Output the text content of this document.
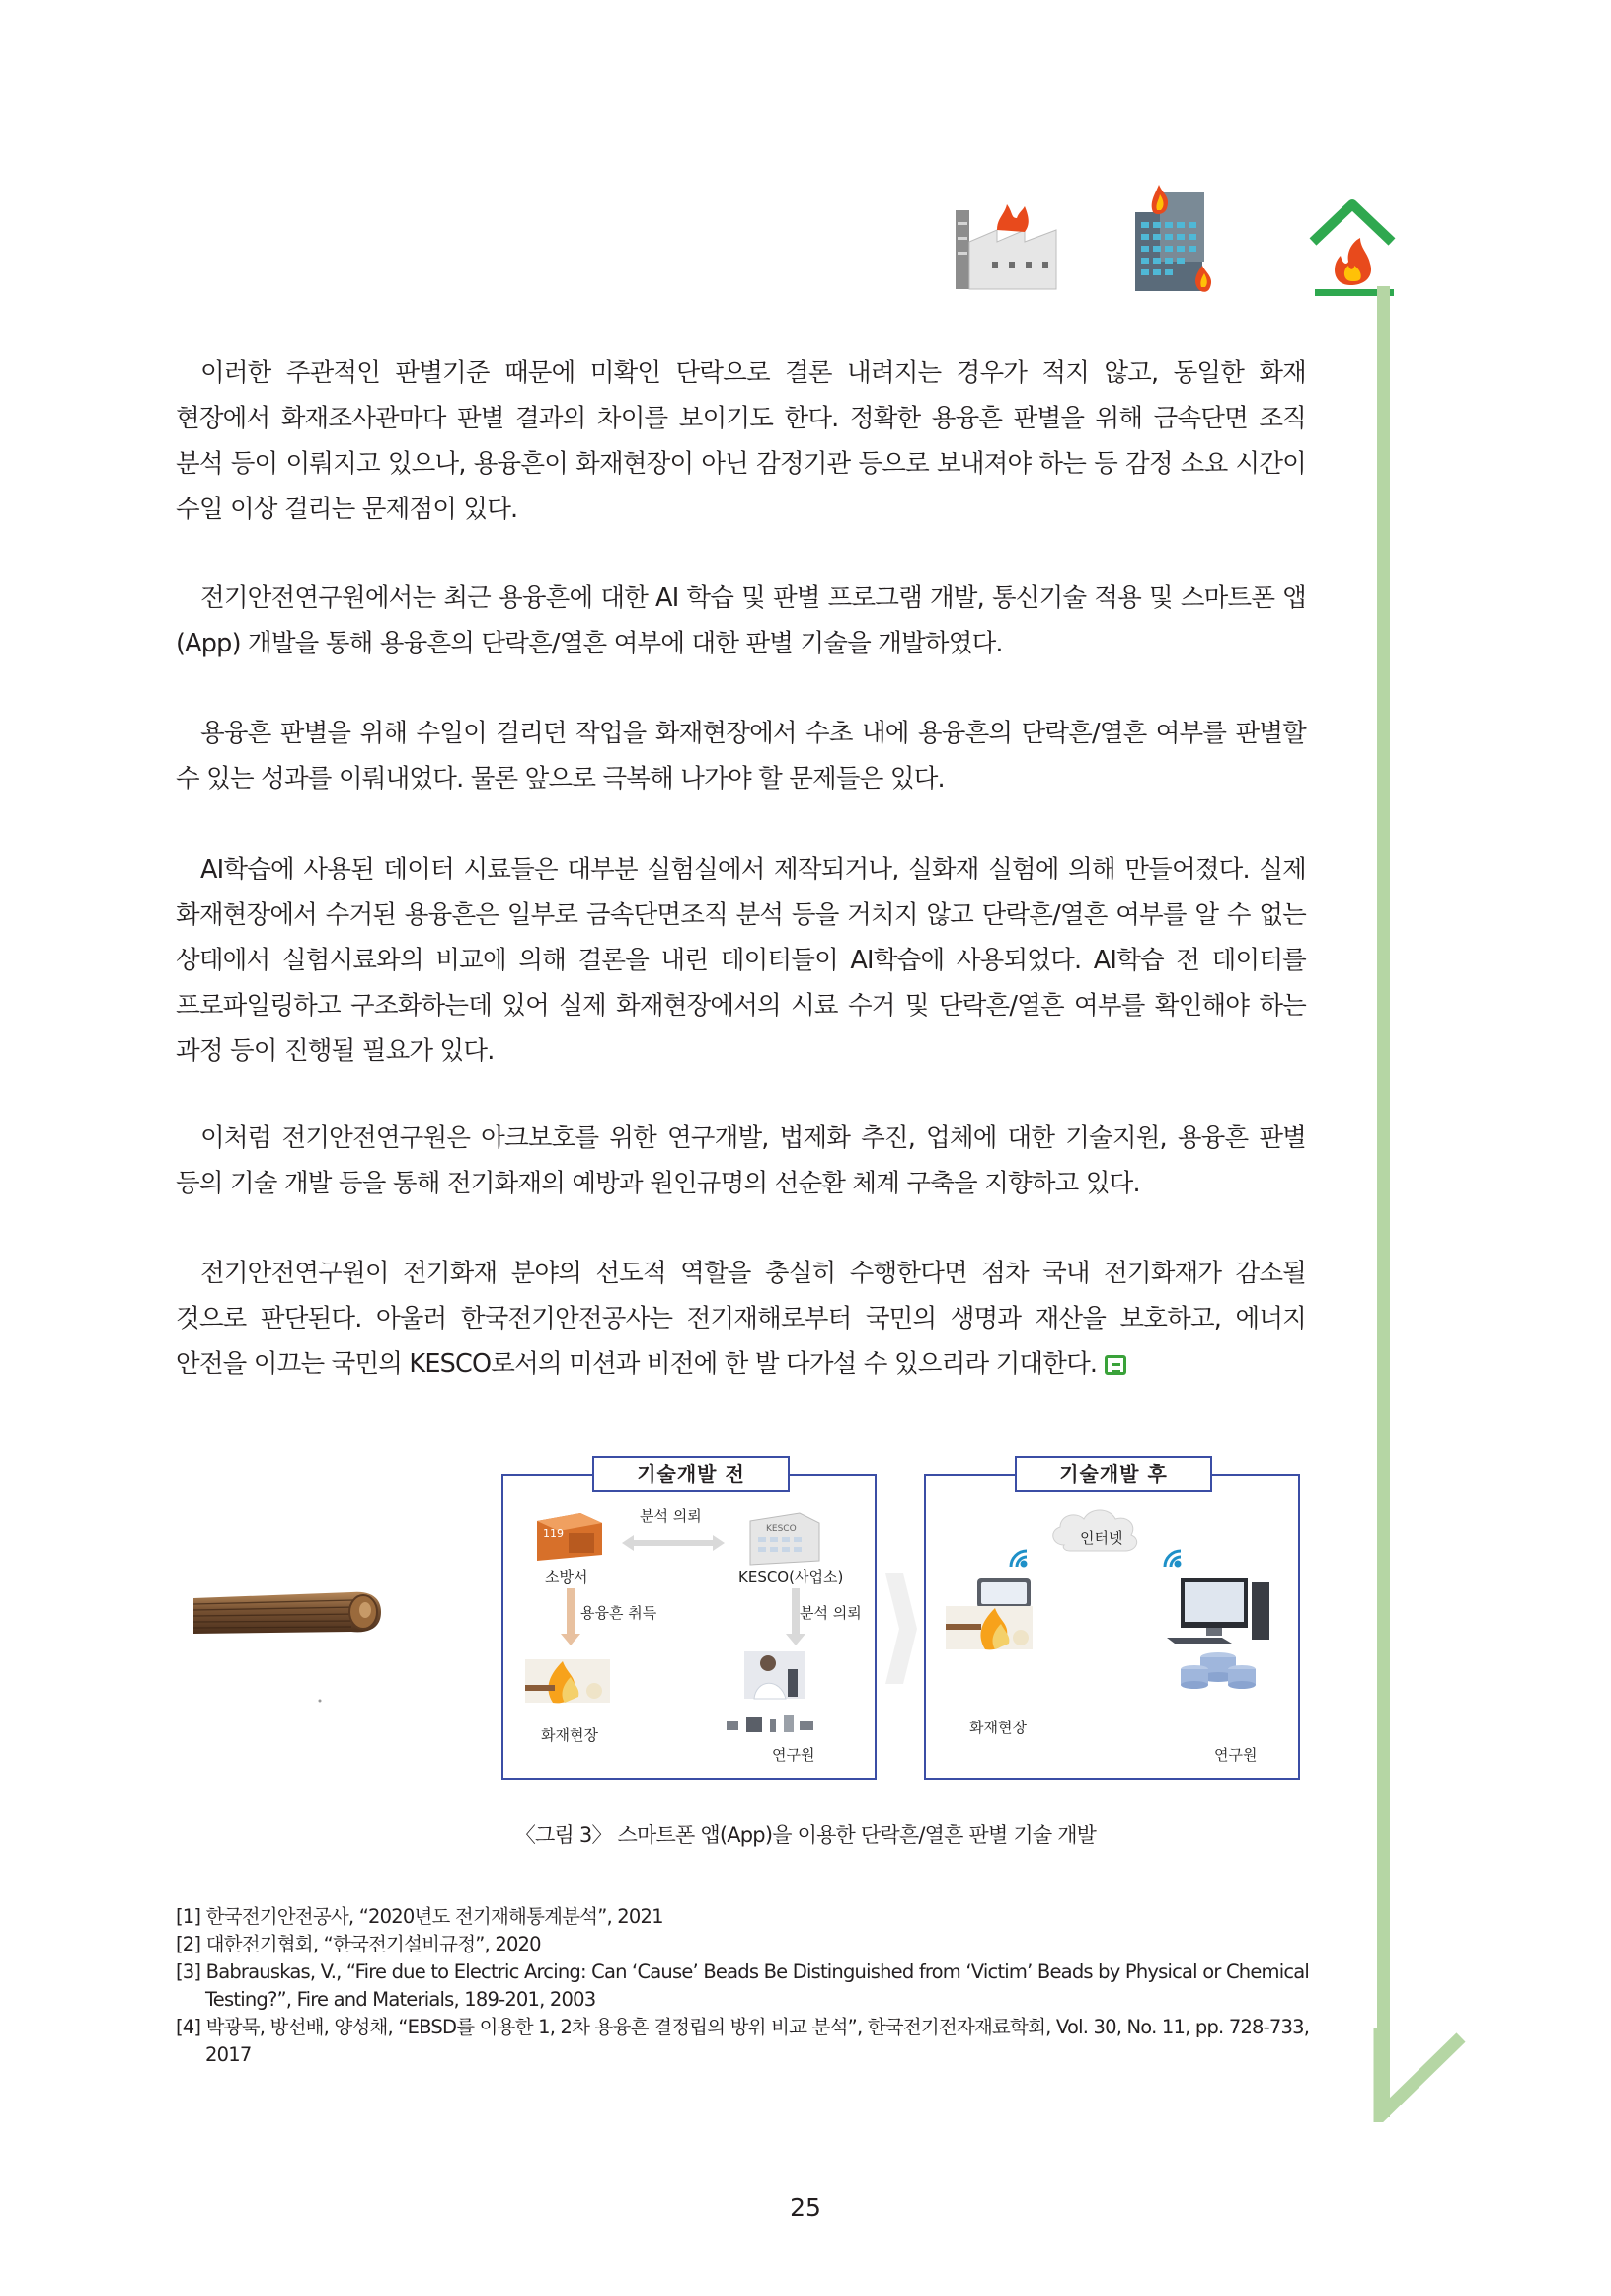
이러한 주관적인 판별기준 때문에 미확인 단락으로 결론 내려지는 경우가 적지 않고, 동일한 화재 현장에서 화재조사관마다 판별 결과의 차이를 보이기도 한다. 정확한 용융흔 판별을 위해 금속단면 조직 분석 등이 이뤄지고 있으나, 용융흔이 화재현장이 아닌 감정기관 등으로 보내져야 하는 등 감정 소요 시간이 수일 이상 걸리는 문제점이 있다.

전기안전연구원에서는 최근 용융흔에 대한 AI 학습 및 판별 프로그램 개발, 통신기술 적용 및 스마트폰 앱(App) 개발을 통해 용융흔의 단락흔/열흔 여부에 대한 판별 기술을 개발하였다.

용융흔 판별을 위해 수일이 걸리던 작업을 화재현장에서 수초 내에 용융흔의 단락흔/열흔 여부를 판별할 수 있는 성과를 이뤄내었다. 물론 앞으로 극복해 나가야 할 문제들은 있다.

AI학습에 사용된 데이터 시료들은 대부분 실험실에서 제작되거나, 실화재 실험에 의해 만들어졌다. 실제 화재현장에서 수거된 용융흔은 일부로 금속단면조직 분석 등을 거치지 않고 단락흔/열흔 여부를 알 수 없는 상태에서 실험시료와의 비교에 의해 결론을 내린 데이터들이 AI학습에 사용되었다. AI학습 전 데이터를 프로파일링하고 구조화하는데 있어 실제 화재현장에서의 시료 수거 및 단락흔/열흔 여부를 확인해야 하는 과정 등이 진행될 필요가 있다.

이처럼 전기안전연구원은 아크보호를 위한 연구개발, 법제화 추진, 업체에 대한 기술지원, 용융흔 판별 등의 기술 개발 등을 통해 전기화재의 예방과 원인규명의 선순환 체계 구축을 지향하고 있다.

전기안전연구원이 전기화재 분야의 선도적 역할을 충실히 수행한다면 점차 국내 전기화재가 감소될 것으로 판단된다. 아울러 한국전기안전공사는 전기재해로부터 국민의 생명과 재산을 보호하고, 에너지 안전을 이끄는 국민의 KESCO로서의 미션과 비전에 한 발 다가설 수 있으리라 기대한다.

기술개발 전
119	KESCO
분석 의뢰
소방서	KESCO(사업소)
용융흔 취득	분석 의뢰
화재현장
연구원
기술개발 후
인터넷
화재현장
연구원
〈그림 3〉 스마트폰 앱(App)을 이용한 단락흔/열흔 판별 기술 개발

[1] 한국전기안전공사, “2020년도 전기재해통계분석”, 2021

[2] 대한전기협회, “한국전기설비규정”, 2020

[3] Babrauskas, V., “Fire due to Electric Arcing: Can ‘Cause’ Beads Be Distinguished from ‘Victim’ Beads by Physical or Chemical Testing?”, Fire and Materials, 189-201, 2003

[4] 박광묵, 방선배, 양성채, “EBSD를 이용한 1, 2차 용융흔 결정립의 방위 비교 분석”, 한국전기전자재료학회, Vol. 30, No. 11, pp. 728-733, 2017

25
